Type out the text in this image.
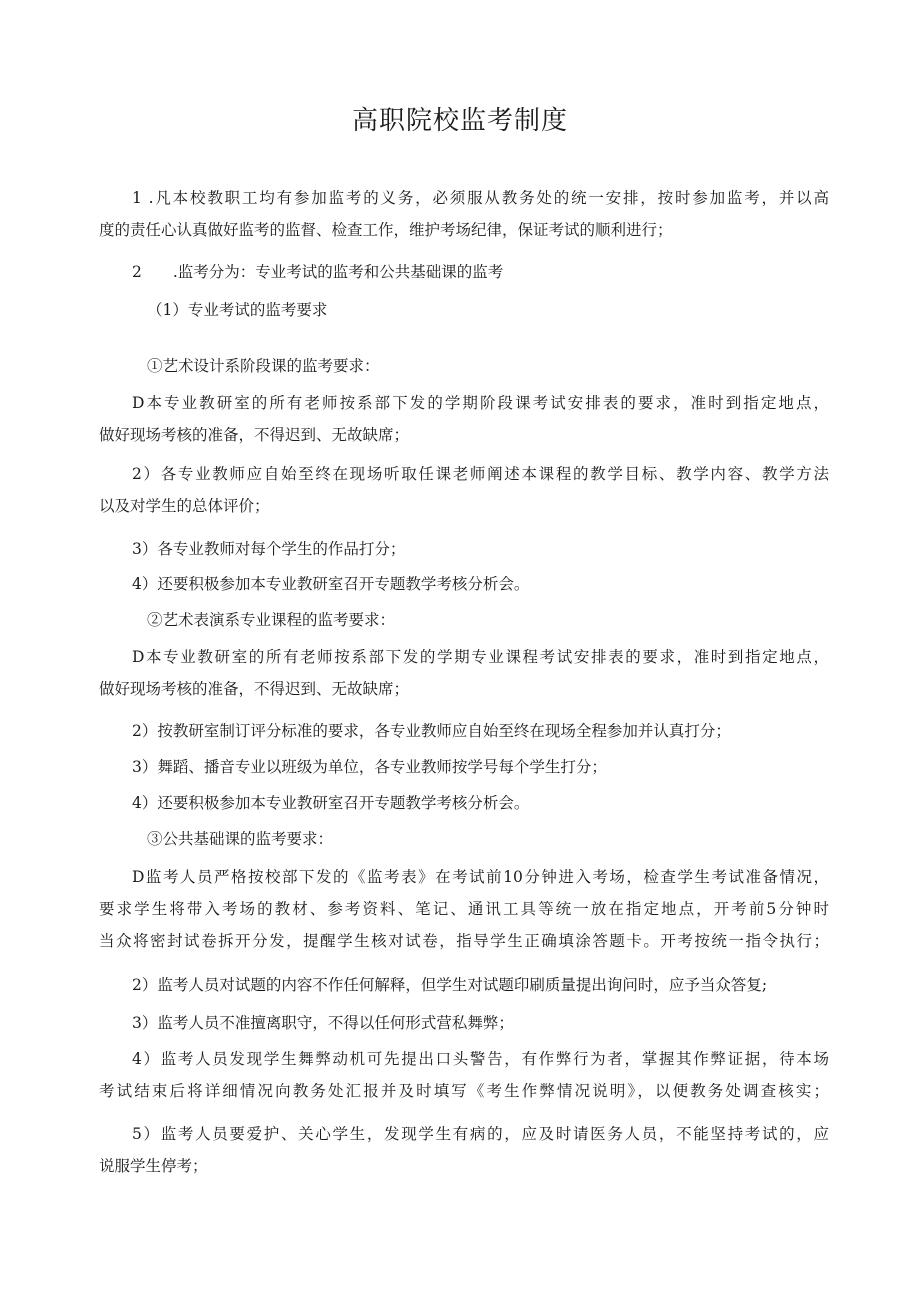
高职院校监考制度
1 .凡本校教职工均有参加监考的义务，必须服从教务处的统一安排，按时参加监考，并以高
度的责任心认真做好监考的监督、检查工作，维护考场纪律，保证考试的顺利进行；
2　　.监考分为：专业考试的监考和公共基础课的监考
（1）专业考试的监考要求
①艺术设计系阶段课的监考要求：
D本专业教研室的所有老师按系部下发的学期阶段课考试安排表的要求，准时到指定地点，
做好现场考核的准备，不得迟到、无故缺席；
2）各专业教师应自始至终在现场听取任课老师阐述本课程的教学目标、教学内容、教学方法
以及对学生的总体评价；
3）各专业教师对每个学生的作品打分；
4）还要积极参加本专业教研室召开专题教学考核分析会。
②艺术表演系专业课程的监考要求：
D本专业教研室的所有老师按系部下发的学期专业课程考试安排表的要求，准时到指定地点，
做好现场考核的准备，不得迟到、无故缺席；
2）按教研室制订评分标准的要求，各专业教师应自始至终在现场全程参加并认真打分；
3）舞蹈、播音专业以班级为单位，各专业教师按学号每个学生打分；
4）还要积极参加本专业教研室召开专题教学考核分析会。
③公共基础课的监考要求：
D监考人员严格按校部下发的《监考表》在考试前10分钟进入考场，检查学生考试准备情况，
要求学生将带入考场的教材、参考资料、笔记、通讯工具等统一放在指定地点，开考前5分钟时
当众将密封试卷拆开分发，提醒学生核对试卷，指导学生正确填涂答题卡。开考按统一指令执行；
2）监考人员对试题的内容不作任何解释，但学生对试题印刷质量提出询问时，应予当众答复;
3）监考人员不准擅离职守，不得以任何形式营私舞弊；
4）监考人员发现学生舞弊动机可先提出口头警告，有作弊行为者，掌握其作弊证据，待本场
考试结束后将详细情况向教务处汇报并及时填写《考生作弊情况说明》，以便教务处调查核实；
5）监考人员要爱护、关心学生，发现学生有病的，应及时请医务人员，不能坚持考试的，应
说服学生停考；
